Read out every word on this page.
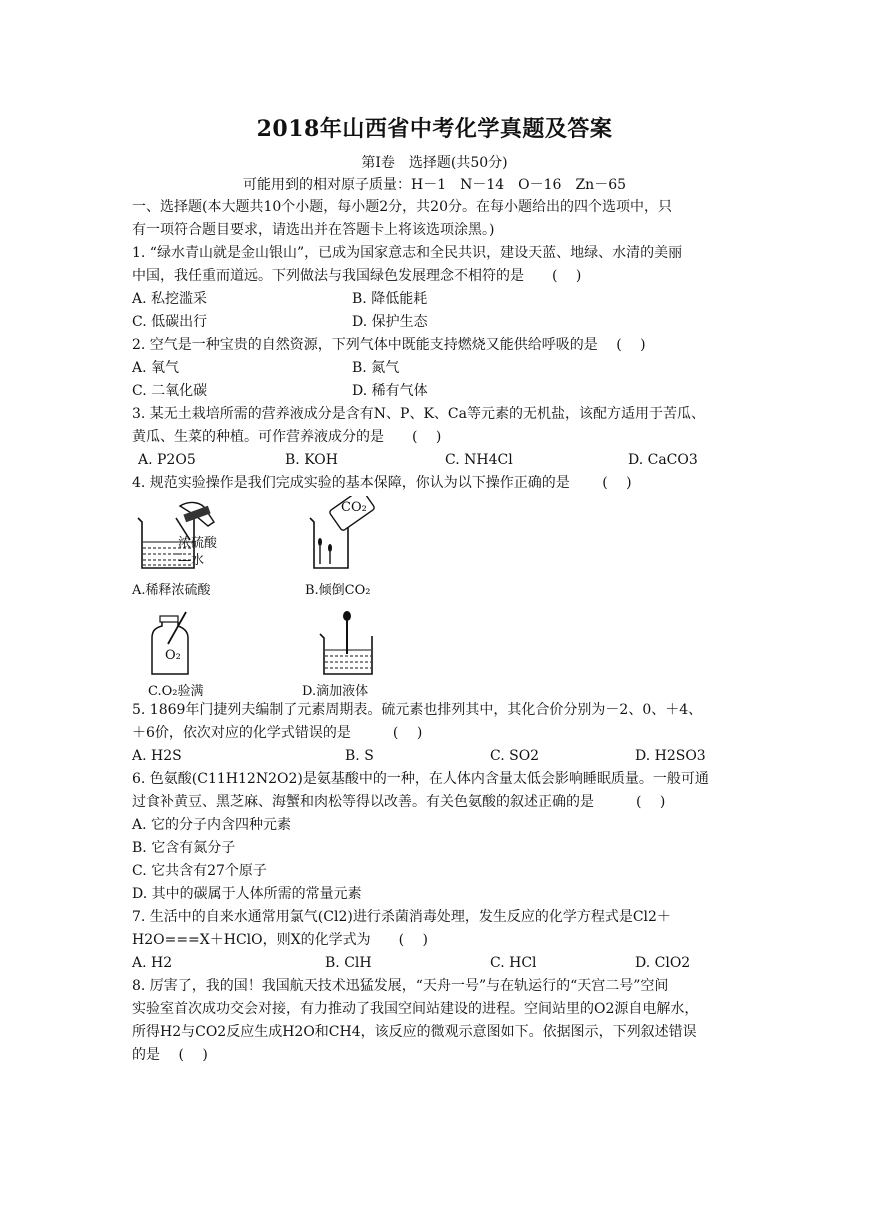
2018年山西省中考化学真题及答案
第Ⅰ卷　选择题(共50分)
可能用到的相对原子质量：H－1　N－14　O－16　Zn－65
一、选择题(本大题共10个小题，每小题2分，共20分。在每小题给出的四个选项中，只
有一项符合题目要求，请选出并在答题卡上将该选项涂黑。)
1. “绿水青山就是金山银山”，已成为国家意志和全民共识，建设天蓝、地绿、水清的美丽
中国，我任重而道远。下列做法与我国绿色发展理念不相符的是　　(　 )
A. 私挖滥采	B. 降低能耗
C. 低碳出行	D. 保护生态
2. 空气是一种宝贵的自然资源，下列气体中既能支持燃烧又能供给呼吸的是　 (　 )
A. 氧气	B. 氮气
C. 二氧化碳	D. 稀有气体
3. 某无土栽培所需的营养液成分是含有N、P、K、Ca等元素的无机盐，该配方适用于苦瓜、
黄瓜、生菜的种植。可作营养液成分的是　　(　 )
A. P2O5	B. KOH	C. NH4Cl	D. CaCO3
4. 规范实验操作是我们完成实验的基本保障，你认为以下操作正确的是　　 (　 )
浓硫酸
—水
A.稀释浓硫酸
CO₂
B.倾倒CO₂
O₂
C.O₂验满	D.滴加液体
5. 1869年门捷列夫编制了元素周期表。硫元素也排列其中，其化合价分别为－2、0、＋4、
＋6价，依次对应的化学式错误的是　　　(　 )
A. H2S	B. S	C. SO2	D. H2SO3
6. 色氨酸(C11H12N2O2)是氨基酸中的一种，在人体内含量太低会影响睡眠质量。一般可通
过食补黄豆、黑芝麻、海蟹和肉松等得以改善。有关色氨酸的叙述正确的是　　　(　 )
A. 它的分子内含四种元素
B. 它含有氮分子
C. 它共含有27个原子
D. 其中的碳属于人体所需的常量元素
7. 生活中的自来水通常用氯气(Cl2)进行杀菌消毒处理，发生反应的化学方程式是Cl2＋
H2O===X＋HClO，则X的化学式为　　(　 )
A. H2	B. ClH	C. HCl	D. ClO2
8. 厉害了，我的国！我国航天技术迅猛发展，“天舟一号”与在轨运行的“天宫二号”空间
实验室首次成功交会对接，有力推动了我国空间站建设的进程。空间站里的O2源自电解水，
所得H2与CO2反应生成H2O和CH4，该反应的微观示意图如下。依据图示，下列叙述错误
的是　 (　 )
